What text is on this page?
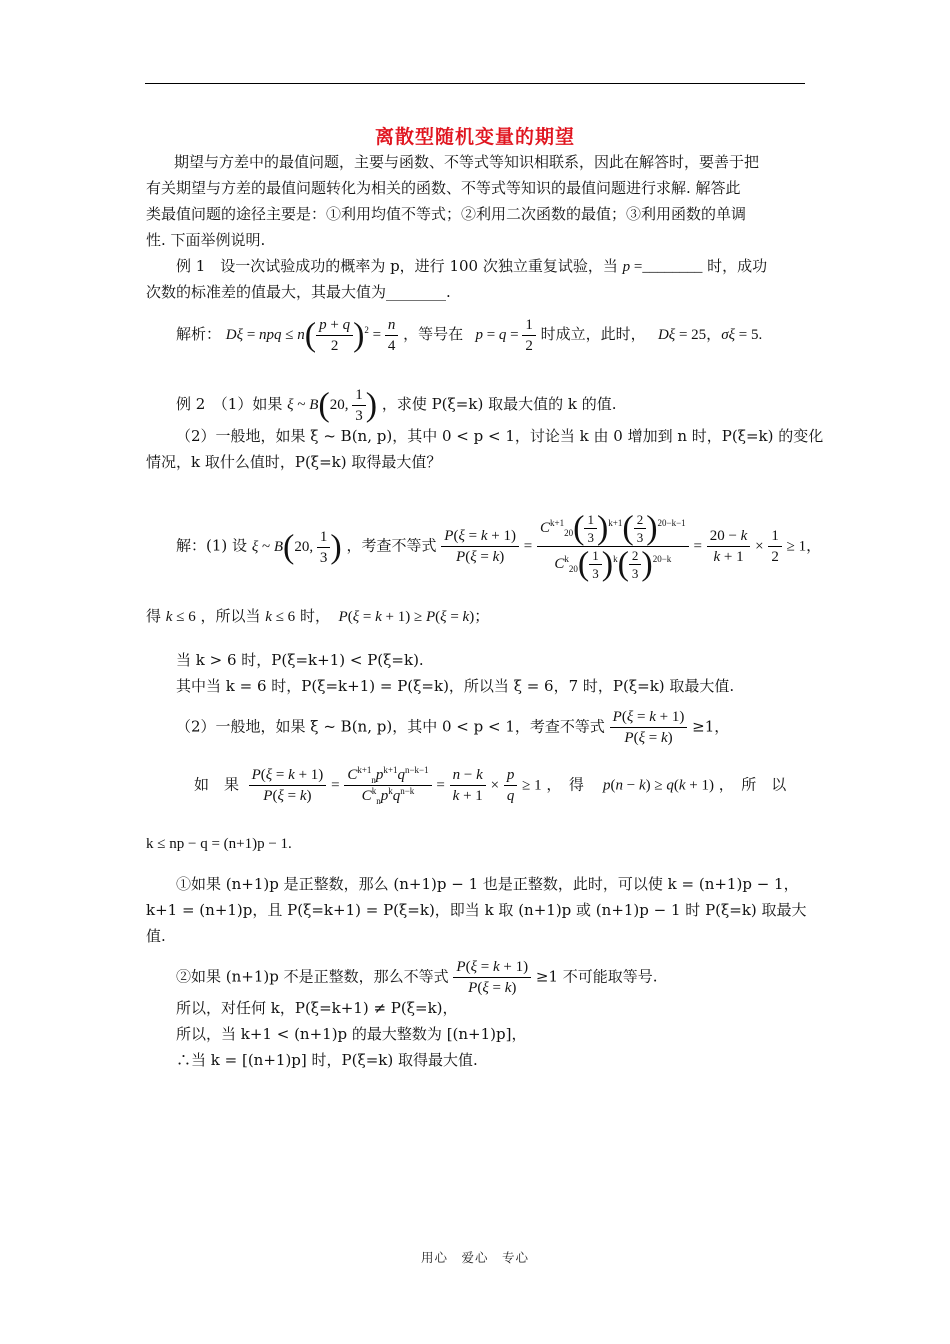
离散型随机变量的期望
期望与方差中的最值问题，主要与函数、不等式等知识相联系，因此在解答时，要善于把
有关期望与方差的最值问题转化为相关的函数、不等式等知识的最值问题进行求解. 解答此
类最值问题的途径主要是：①利用均值不等式；②利用二次函数的最值；③利用函数的单调
性. 下面举例说明.
例 1　设一次试验成功的概率为 p，进行 100 次独立重复试验，当 p =________ 时，成功
次数的标准差的值最大，其最大值为________.
解析： Dξ = npq ≤ $n( \frac{p + q}{2} )^2 = \frac{n}{4}$ ，等号在 $p = q = \frac{1}{2}$ 时成立，此时， Dξ = 25，σξ = 5.
例 2　（1）如果 ξ ~ B(20, $\frac{1}{3}$ ) ，求使 P(ξ=k) 取最大值的 k 的值.
（2）一般地，如果 ξ ~ B(n, p)，其中 0 < p < 1，讨论当 k 由 0 增加到 n 时，P(ξ=k) 的变化
情况，k 取什么值时，P(ξ=k) 取得最大值？
解：(1) 设 ξ ~ B(20, $\frac{1}{3}$ ) ，考查不等式 $\frac{P(\xi = k + 1)}{P(\xi = k)} = \frac{C^{k+1}_{20}( \frac{1}{3} )^{k+1}( \frac{2}{3} )^{20-k-1}}{C^k_{20}( \frac{1}{3} )^k( \frac{2}{3} )^{20-k}} = \frac{20 - k}{k + 1} \times \frac{1}{2} \ge 1$，
得 k ≤ 6 ，所以当 k ≤ 6 时， P(ξ = k + 1) ≥ P(ξ = k)；
当 k > 6 时，P(ξ=k+1) < P(ξ=k).
其中当 k = 6 时，P(ξ=k+1) = P(ξ=k)，所以当 ξ = 6，7 时，P(ξ=k) 取最大值.
（2）一般地，如果 ξ ~ B(n, p)，其中 0 < p < 1，考查不等式 $\frac{P(\xi = k + 1)}{P(\xi = k)} \ge 1$，
如　果 $\frac{P(\xi = k + 1)}{P(\xi = k)} = \frac{C^{k+1}_np^{k+1}q^{n-k-1}}{C^k_np^kq^{n-k}} = \frac{n - k}{k + 1} \times \frac{p}{q} \ge 1$ ，　得 p(n − k) ≥ q(k + 1) ，　所　以
k ≤ np − q = (n+1)p − 1.
①如果 (n+1)p 是正整数，那么 (n+1)p − 1 也是正整数，此时，可以使 k = (n+1)p − 1，
k+1 = (n+1)p，且 P(ξ=k+1) = P(ξ=k)，即当 k 取 (n+1)p 或 (n+1)p − 1 时 P(ξ=k) 取最大
值.
②如果 (n+1)p 不是正整数，那么不等式 $\frac{P(\xi = k + 1)}{P(\xi = k)} \ge 1$ 不可能取等号.
所以，对任何 k，P(ξ=k+1) ≠ P(ξ=k)，
所以，当 k+1 < (n+1)p 的最大整数为 [(n+1)p]，
∴当 k = [(n+1)p] 时，P(ξ=k) 取得最大值.
用心　爱心　专心
